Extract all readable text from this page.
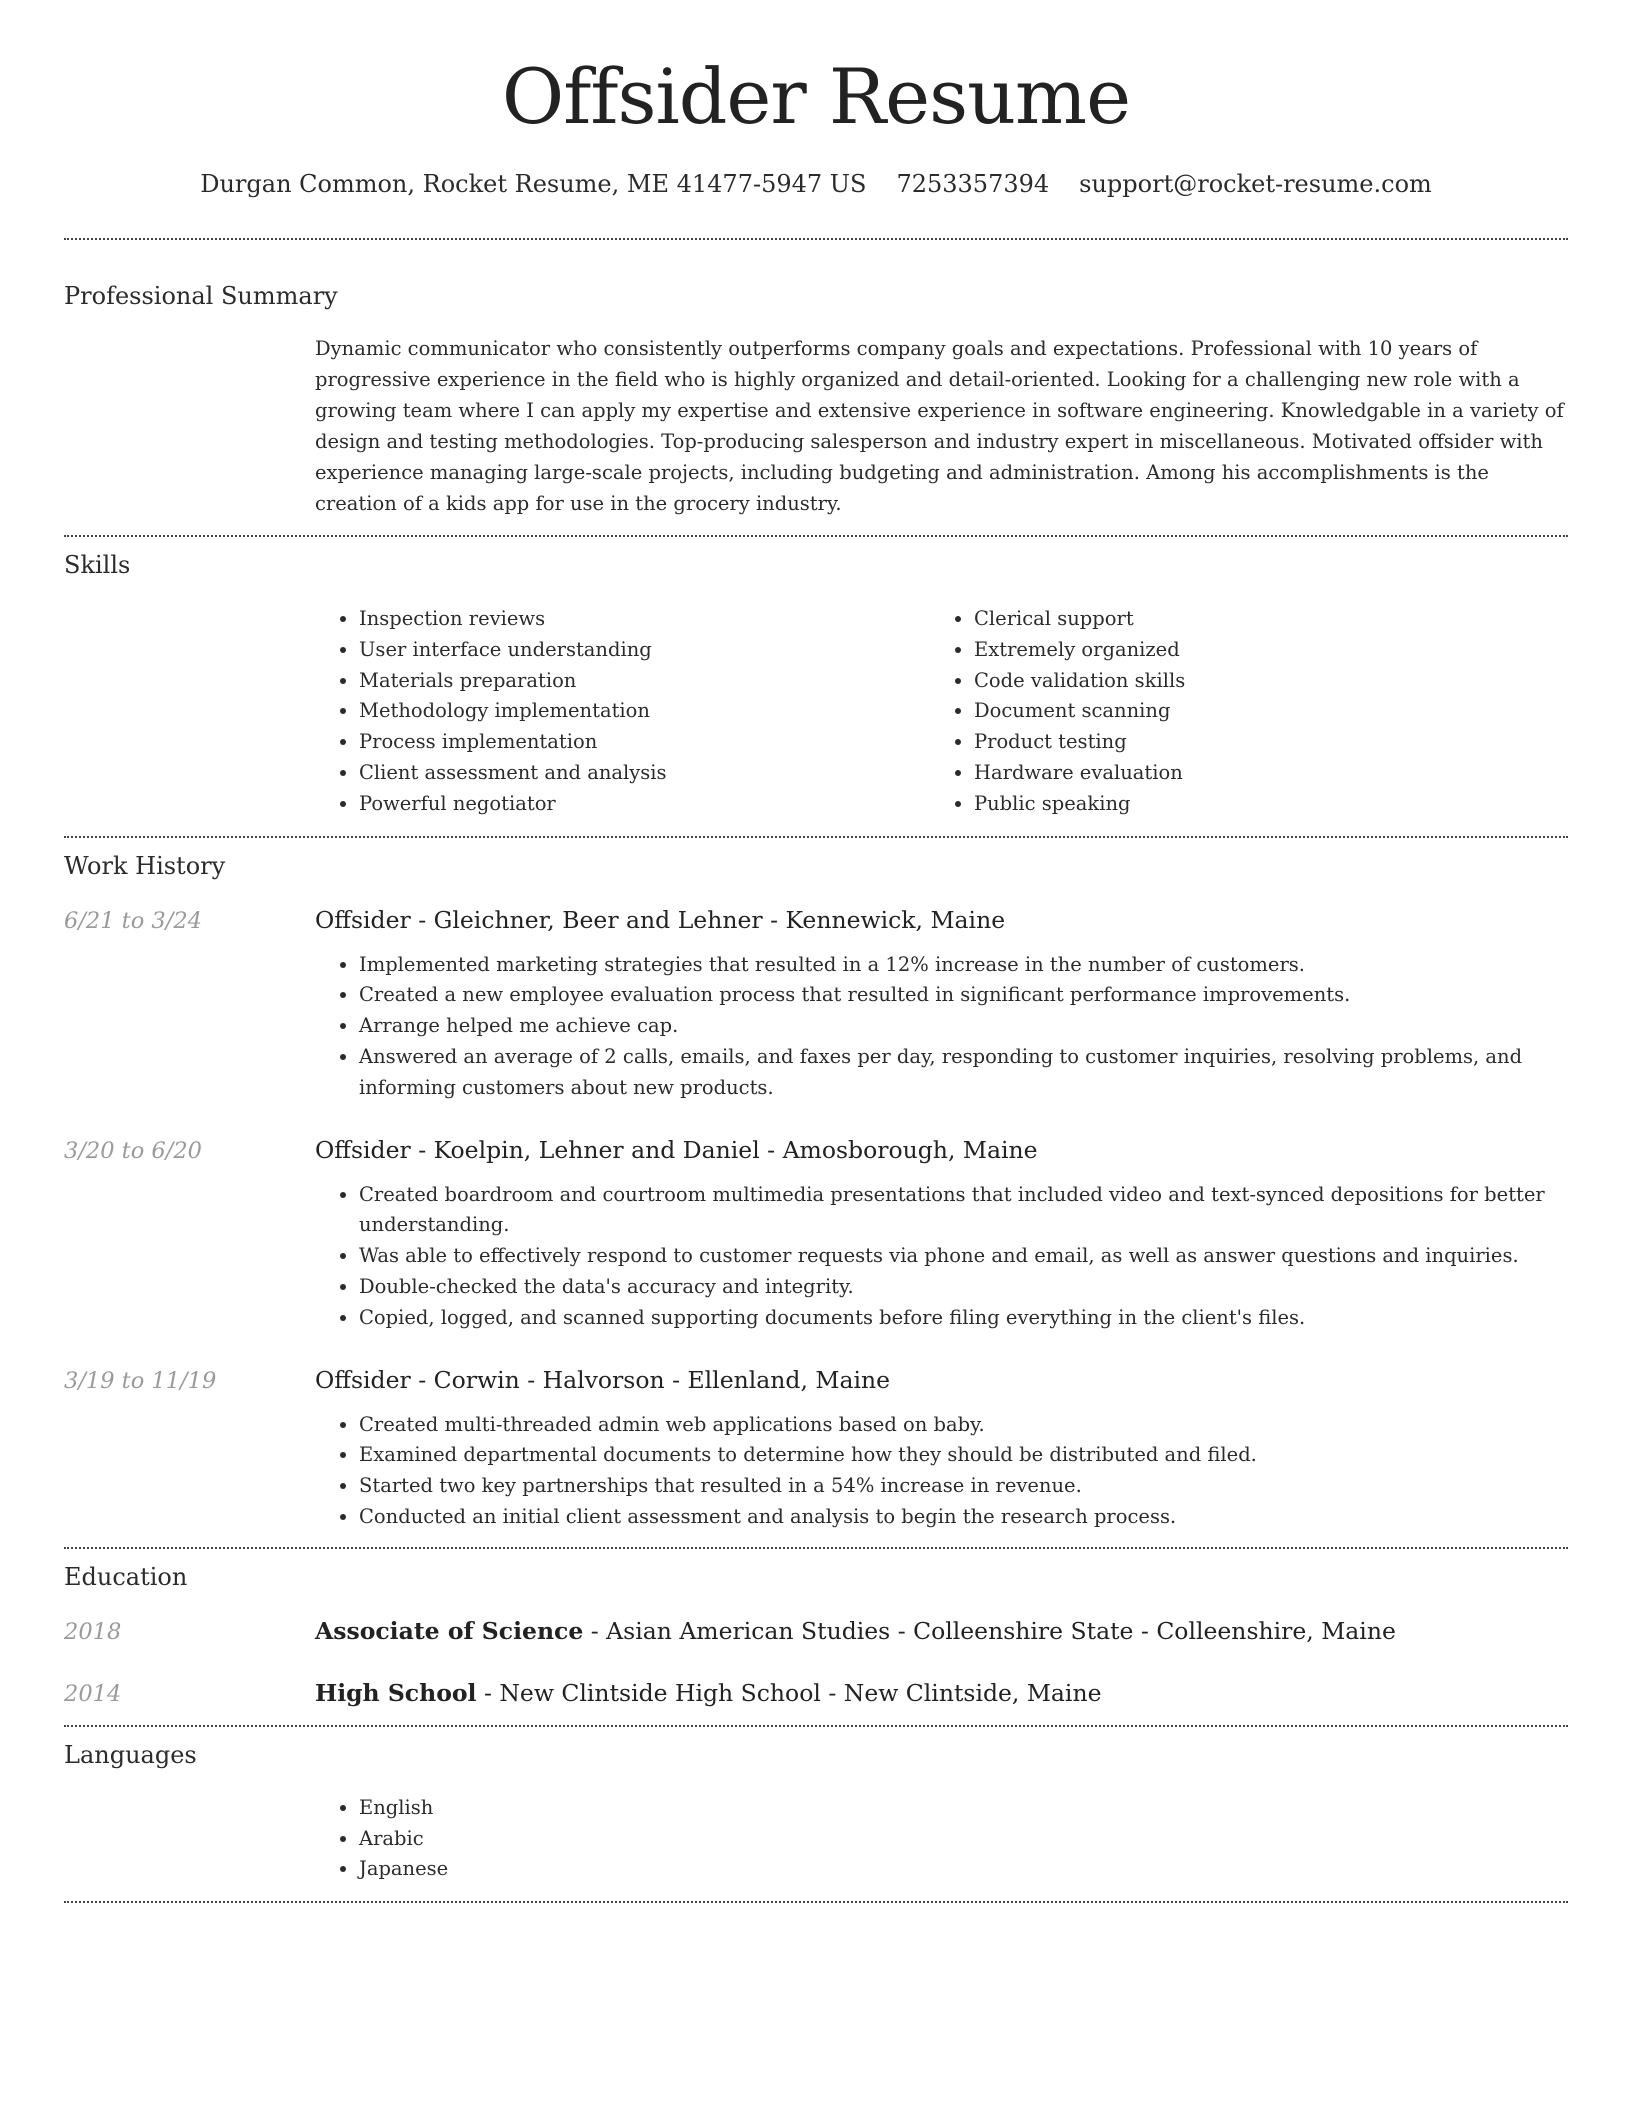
Offsider Resume
Durgan Common, Rocket Resume, ME 41477-5947 US 7253357394 support@rocket-resume.com
Professional Summary
Dynamic communicator who consistently outperforms company goals and expectations. Professional with 10 years of progressive experience in the field who is highly organized and detail-oriented. Looking for a challenging new role with a growing team where I can apply my expertise and extensive experience in software engineering. Knowledgable in a variety of design and testing methodologies. Top-producing salesperson and industry expert in miscellaneous. Motivated offsider with experience managing large-scale projects, including budgeting and administration. Among his accomplishments is the creation of a kids app for use in the grocery industry.
Skills
• Inspection reviews
• User interface understanding
• Materials preparation
• Methodology implementation
• Process implementation
• Client assessment and analysis
• Powerful negotiator
• Clerical support
• Extremely organized
• Code validation skills
• Document scanning
• Product testing
• Hardware evaluation
• Public speaking
Work History
6/21 to 3/24	Offsider - Gleichner, Beer and Lehner - Kennewick, Maine
• Implemented marketing strategies that resulted in a 12% increase in the number of customers.
• Created a new employee evaluation process that resulted in significant performance improvements.
• Arrange helped me achieve cap.
• Answered an average of 2 calls, emails, and faxes per day, responding to customer inquiries, resolving problems, and informing customers about new products.
3/20 to 6/20	Offsider - Koelpin, Lehner and Daniel - Amosborough, Maine
• Created boardroom and courtroom multimedia presentations that included video and text-synced depositions for better understanding.
• Was able to effectively respond to customer requests via phone and email, as well as answer questions and inquiries.
• Double-checked the data's accuracy and integrity.
• Copied, logged, and scanned supporting documents before filing everything in the client's files.
3/19 to 11/19	Offsider - Corwin - Halvorson - Ellenland, Maine
• Created multi-threaded admin web applications based on baby.
• Examined departmental documents to determine how they should be distributed and filed.
• Started two key partnerships that resulted in a 54% increase in revenue.
• Conducted an initial client assessment and analysis to begin the research process.
Education
2018	Associate of Science - Asian American Studies - Colleenshire State - Colleenshire, Maine
2014	High School - New Clintside High School - New Clintside, Maine
Languages
• English
• Arabic
• Japanese
